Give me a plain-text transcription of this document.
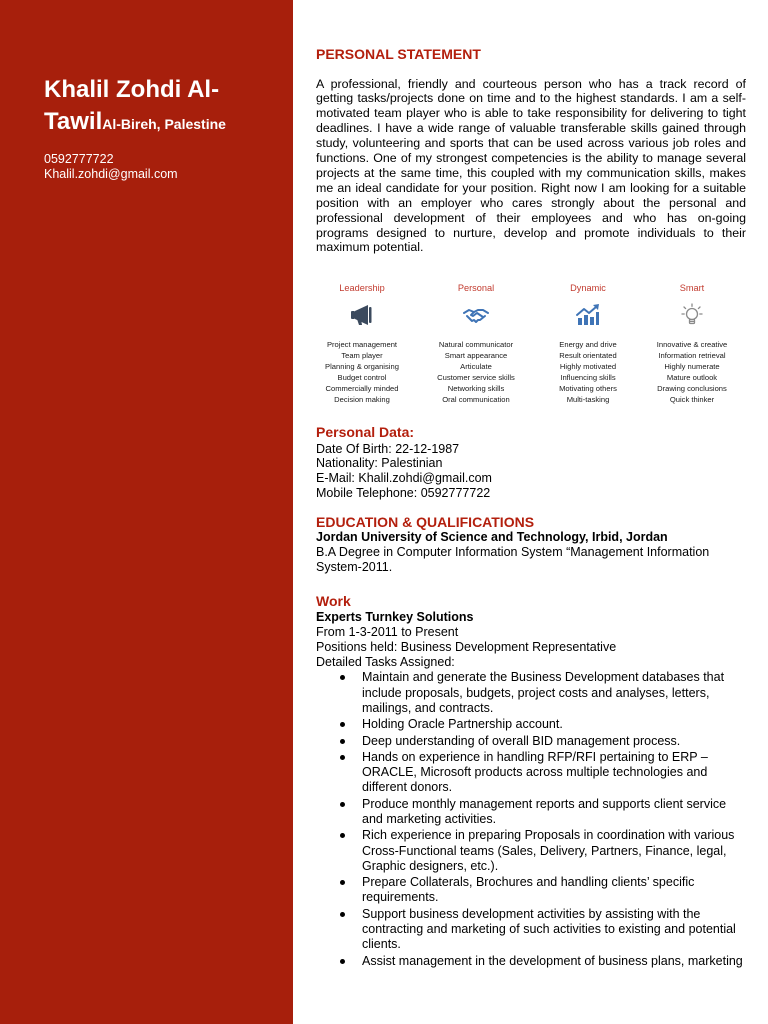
Khalil Zohdi Al-
TawilAl-Bireh, Palestine
0592777722
Khalil.zohdi@gmail.com
PERSONAL STATEMENT
A professional, friendly and courteous person who has a track record of
getting tasks/projects done on time and to the highest standards. I am a self-
motivated team player who is able to take responsibility for delivering to tight
deadlines. I have a wide range of valuable transferable skills gained through
study, volunteering and sports that can be used across various job roles and
functions. One of my strongest competencies is the ability to manage several
projects at the same time, this coupled with my communication skills, makes
me an ideal candidate for your position. Right now I am looking for a suitable
position with an employer who cares strongly about the personal and
professional development of their employees and who has on-going
programs designed to nurture, develop and promote individuals to their
maximum potential.
Leadership
Project management
Team player
Planning & organising
Budget control
Commercially minded
Decision making
Personal
Natural communicator
Smart appearance
Articulate
Customer service skills
Networking skills
Oral communication
Dynamic
Energy and drive
Result orientated
Highly motivated
Influencing skills
Motivating others
Multi-tasking
Smart
Innovative & creative
Information retrieval
Highly numerate
Mature outlook
Drawing conclusions
Quick thinker
Personal Data:
Date Of Birth: 22-12-1987
Nationality: Palestinian
E-Mail: Khalil.zohdi@gmail.com
Mobile Telephone: 0592777722
EDUCATION & QUALIFICATIONS
Jordan University of Science and Technology, Irbid, Jordan
B.A Degree in Computer Information System “Management Information
System-2011.
Work
Experts Turnkey Solutions
From 1-3-2011 to Present
Positions held: Business Development Representative
Detailed Tasks Assigned:
Maintain and generate the Business Development databases that
include proposals, budgets, project costs and analyses, letters,
mailings, and contracts.
Holding Oracle Partnership account.
Deep understanding of overall BID management process.
Hands on experience in handling RFP/RFI pertaining to ERP –
ORACLE, Microsoft products across multiple technologies and
different donors.
Produce monthly management reports and supports client service
and marketing activities.
Rich experience in preparing Proposals in coordination with various
Cross-Functional teams (Sales, Delivery, Partners, Finance, legal,
Graphic designers, etc.).
Prepare Collaterals, Brochures and handling clients’ specific
requirements.
Support business development activities by assisting with the
contracting and marketing of such activities to existing and potential
clients.
Assist management in the development of business plans, marketing
